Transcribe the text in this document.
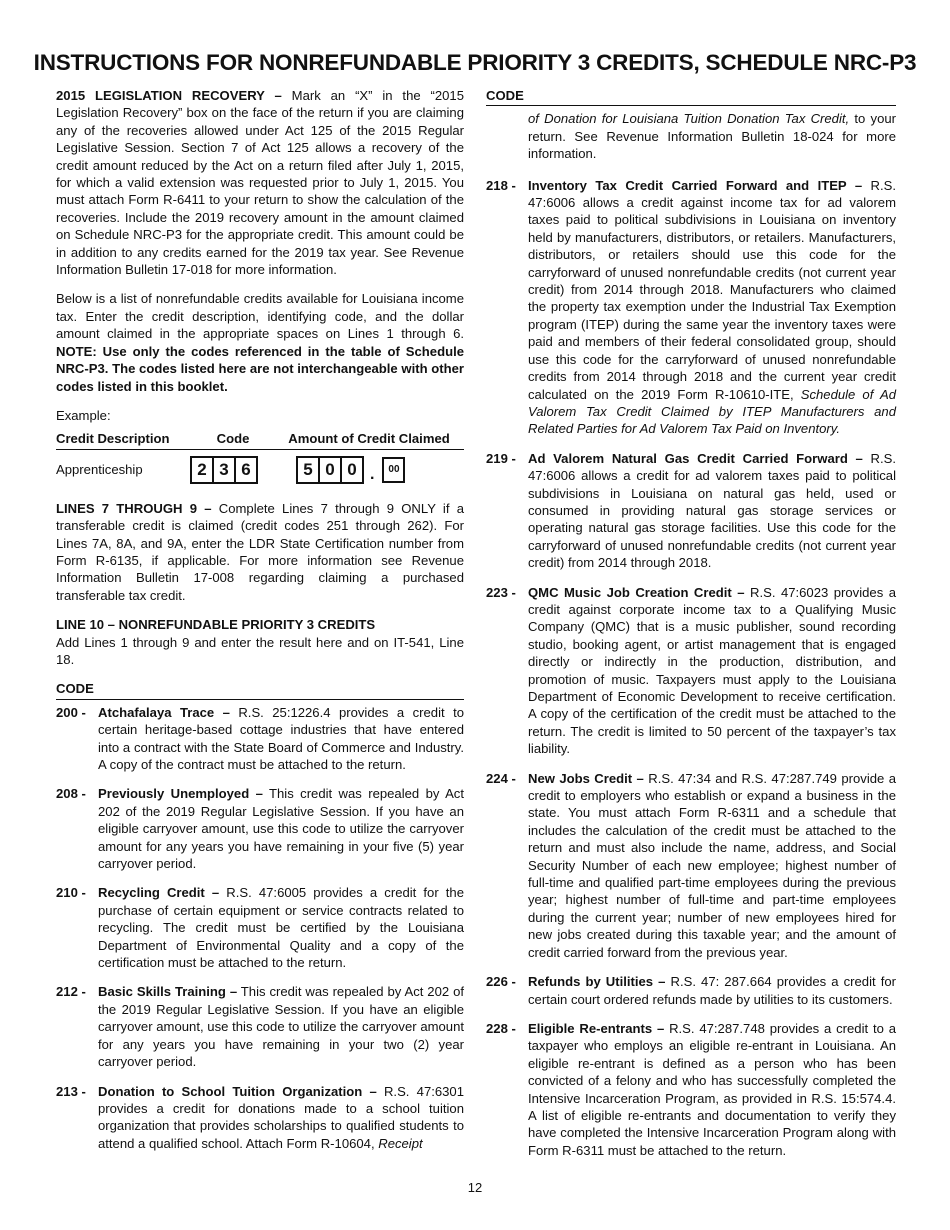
INSTRUCTIONS FOR NONREFUNDABLE PRIORITY 3 CREDITS, SCHEDULE NRC-P3

2015 LEGISLATION RECOVERY – Mark an “X” in the “2015 Legislation Recovery” box on the face of the return if you are claiming any of the recoveries allowed under Act 125 of the 2015 Regular Legislative Session. Section 7 of Act 125 allows a recovery of the credit amount reduced by the Act on a return filed after July 1, 2015, for which a valid extension was requested prior to July 1, 2015. You must attach Form R-6411 to your return to show the calculation of the recoveries. Include the 2019 recovery amount in the amount claimed on Schedule NRC-P3 for the appropriate credit. This amount could be in addition to any credits earned for the 2019 tax year. See Revenue Information Bulletin 17-018 for more information.

Below is a list of nonrefundable credits available for Louisiana income tax. Enter the credit description, identifying code, and the dollar amount claimed in the appropriate spaces on Lines 1 through 6. NOTE: Use only the codes referenced in the table of Schedule NRC-P3. The codes listed here are not interchangeable with other codes listed in this booklet.

Example:
Credit Description	Code	Amount of Credit Claimed
Apprenticeship	2 3 6	5 0 0 .	00

LINES 7 THROUGH 9 – Complete Lines 7 through 9 ONLY if a transferable credit is claimed (credit codes 251 through 262). For Lines 7A, 8A, and 9A, enter the LDR State Certification number from Form R-6135, if applicable. For more information see Revenue Information Bulletin 17-008 regarding claiming a purchased transferable tax credit.

LINE 10 – NONREFUNDABLE PRIORITY 3 CREDITS

Add Lines 1 through 9 and enter the result here and on IT-541, Line 18.

CODE
200 - Atchafalaya Trace – R.S. 25:1226.4 provides a credit to certain heritage-based cottage industries that have entered into a contract with the State Board of Commerce and Industry. A copy of the contract must be attached to the return.
208 - Previously Unemployed – This credit was repealed by Act 202 of the 2019 Regular Legislative Session. If you have an eligible carryover amount, use this code to utilize the carryover amount for any years you have remaining in your five (5) year carryover period.
210 - Recycling Credit – R.S. 47:6005 provides a credit for the purchase of certain equipment or service contracts related to recycling. The credit must be certified by the Louisiana Department of Environmental Quality and a copy of the certification must be attached to the return.
212 - Basic Skills Training – This credit was repealed by Act 202 of the 2019 Regular Legislative Session. If you have an eligible carryover amount, use this code to utilize the carryover amount for any years you have remaining in your two (2) year carryover period.
213 - Donation to School Tuition Organization – R.S. 47:6301 provides a credit for donations made to a school tuition organization that provides scholarships to qualified students to attend a qualified school. Attach Form R-10604, Receipt
CODE
of Donation for Louisiana Tuition Donation Tax Credit, to your return. See Revenue Information Bulletin 18-024 for more information.
218 - Inventory Tax Credit Carried Forward and ITEP – R.S. 47:6006 allows a credit against income tax for ad valorem taxes paid to political subdivisions in Louisiana on inventory held by manufacturers, distributors, or retailers. Manufacturers, distributors, or retailers should use this code for the carryforward of unused nonrefundable credits (not current year credit) from 2014 through 2018. Manufacturers who claimed the property tax exemption under the Industrial Tax Exemption program (ITEP) during the same year the inventory taxes were paid and members of their federal consolidated group, should use this code for the carryforward of unused nonrefundable credits from 2014 through 2018 and the current year credit calculated on the 2019 Form R-10610-ITE, Schedule of Ad Valorem Tax Credit Claimed by ITEP Manufacturers and Related Parties for Ad Valorem Tax Paid on Inventory.
219 - Ad Valorem Natural Gas Credit Carried Forward – R.S. 47:6006 allows a credit for ad valorem taxes paid to political subdivisions in Louisiana on natural gas held, used or consumed in providing natural gas storage services or operating natural gas storage facilities. Use this code for the carryforward of unused nonrefundable credits (not current year credit) from 2014 through 2018.
223 - QMC Music Job Creation Credit – R.S. 47:6023 provides a credit against corporate income tax to a Qualifying Music Company (QMC) that is a music publisher, sound recording studio, booking agent, or artist management that is engaged directly or indirectly in the production, distribution, and promotion of music. Taxpayers must apply to the Louisiana Department of Economic Development to receive certification. A copy of the certification of the credit must be attached to the return. The credit is limited to 50 percent of the taxpayer’s tax liability.
224 - New Jobs Credit – R.S. 47:34 and R.S. 47:287.749 provide a credit to employers who establish or expand a business in the state. You must attach Form R-6311 and a schedule that includes the calculation of the credit must be attached to the return and must also include the name, address, and Social Security Number of each new employee; highest number of full-time and qualified part-time employees during the previous year; highest number of full-time and part-time employees during the current year; number of new employees hired for new jobs created during this taxable year; and the amount of credit carried forward from the previous year.
226 - Refunds by Utilities – R.S. 47: 287.664 provides a credit for certain court ordered refunds made by utilities to its customers.
228 - Eligible Re-entrants – R.S. 47:287.748 provides a credit to a taxpayer who employs an eligible re-entrant in Louisiana. An eligible re-entrant is defined as a person who has been convicted of a felony and who has successfully completed the Intensive Incarceration Program, as provided in R.S. 15:574.4. A list of eligible re-entrants and documentation to verify they have completed the Intensive Incarceration Program along with Form R-6311 must be attached to the return.
12
